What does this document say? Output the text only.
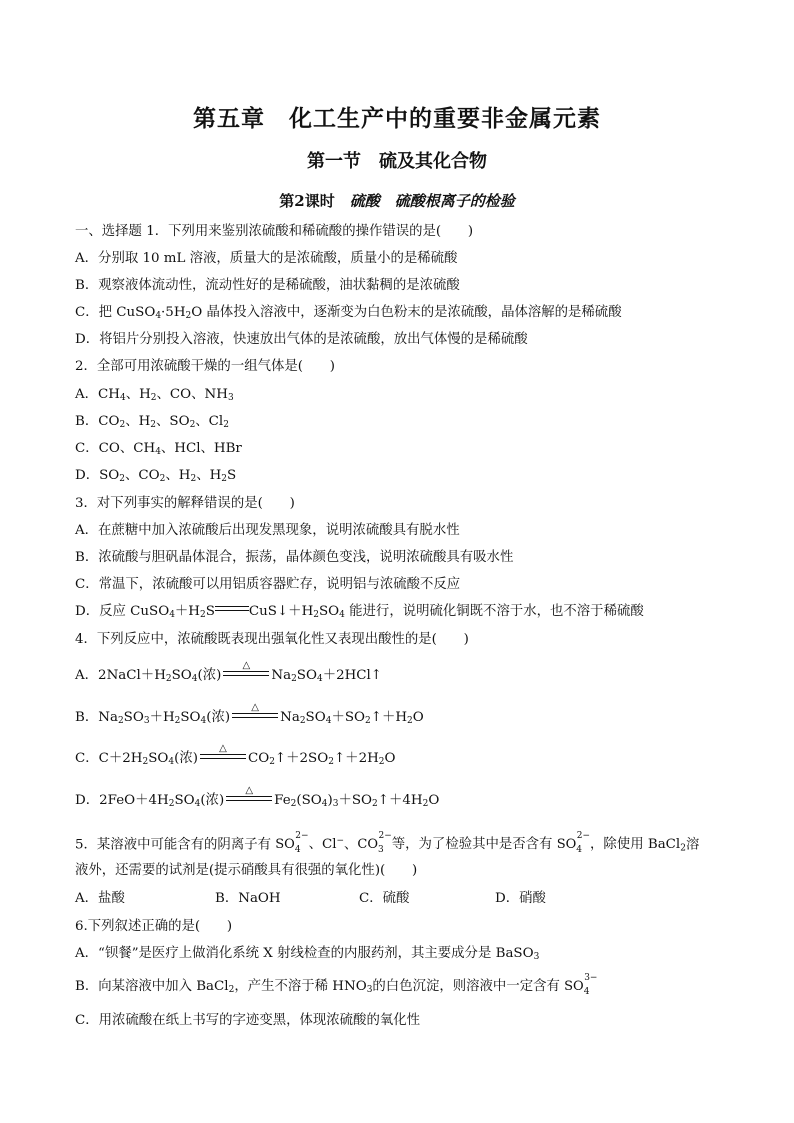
第五章　化工生产中的重要非金属元素
第一节　硫及其化合物
第2课时　硫酸　硫酸根离子的检验
一、选择题 1．下列用来鉴别浓硫酸和稀硫酸的操作错误的是(　　)
A．分别取 10 mL 溶液，质量大的是浓硫酸，质量小的是稀硫酸
B．观察液体流动性，流动性好的是稀硫酸，油状黏稠的是浓硫酸
C．把 $CuSO_4\cdot 5H_2O$ 晶体投入溶液中，逐渐变为白色粉末的是浓硫酸，晶体溶解的是稀硫酸
D．将铝片分别投入溶液，快速放出气体的是浓硫酸，放出气体慢的是稀硫酸
2．全部可用浓硫酸干燥的一组气体是(　　)
A．$CH_4$、$H_2$、CO、$NH_3$
B．$CO_2$、$H_2$、$SO_2$、$Cl_2$
C．CO、$CH_4$、HCl、HBr
D．$SO_2$、$CO_2$、$H_2$、$H_2S$
3．对下列事实的解释错误的是(　　)
A．在蔗糖中加入浓硫酸后出现发黑现象，说明浓硫酸具有脱水性
B．浓硫酸与胆矾晶体混合，振荡，晶体颜色变浅，说明浓硫酸具有吸水性
C．常温下，浓硫酸可以用铝质容器贮存，说明铝与浓硫酸不反应
D．反应 $CuSO_4+H_2S$	$CuS↓+H_2SO_4$ 能进行，说明硫化铜既不溶于水，也不溶于稀硫酸
4．下列反应中，浓硫酸既表现出强氧化性又表现出酸性的是(　　)
A．$2NaCl+H_2SO_4$(浓)
△
$Na_2SO_4+2HCl↑$
B．$Na_2SO_3+H_2SO_4$(浓)
△
$Na_2SO_4+SO_2↑+H_2O$
C．$C+2H_2SO_4$(浓)
△
$CO_2↑+2SO_2↑+2H_2O$
D．$2FeO+4H_2SO_4$(浓)
△
$Fe_2(SO_4)_3+SO_2↑+4H_2O$
5．某溶液中可能含有的阴离子有 $SO_4$
2−
、Cl−、$CO_3$
2−
等，为了检验其中是否含有 $SO_4$
2−
，除使用 BaCl$_2$溶
液外，还需要的试剂是(提示硝酸具有很强的氧化性)(　　)
A．盐酸	B．NaOH	C．硫酸	D．硝酸
6.下列叙述正确的是(　　)
A．“钡餐”是医疗上做消化系统 X 射线检查的内服药剂，其主要成分是 BaSO$_3$
B．向某溶液中加入 BaCl$_2$，产生不溶于稀 $HNO_3$的白色沉淀，则溶液中一定含有 $SO_4$
3−
C．用浓硫酸在纸上书写的字迹变黑，体现浓硫酸的氧化性
